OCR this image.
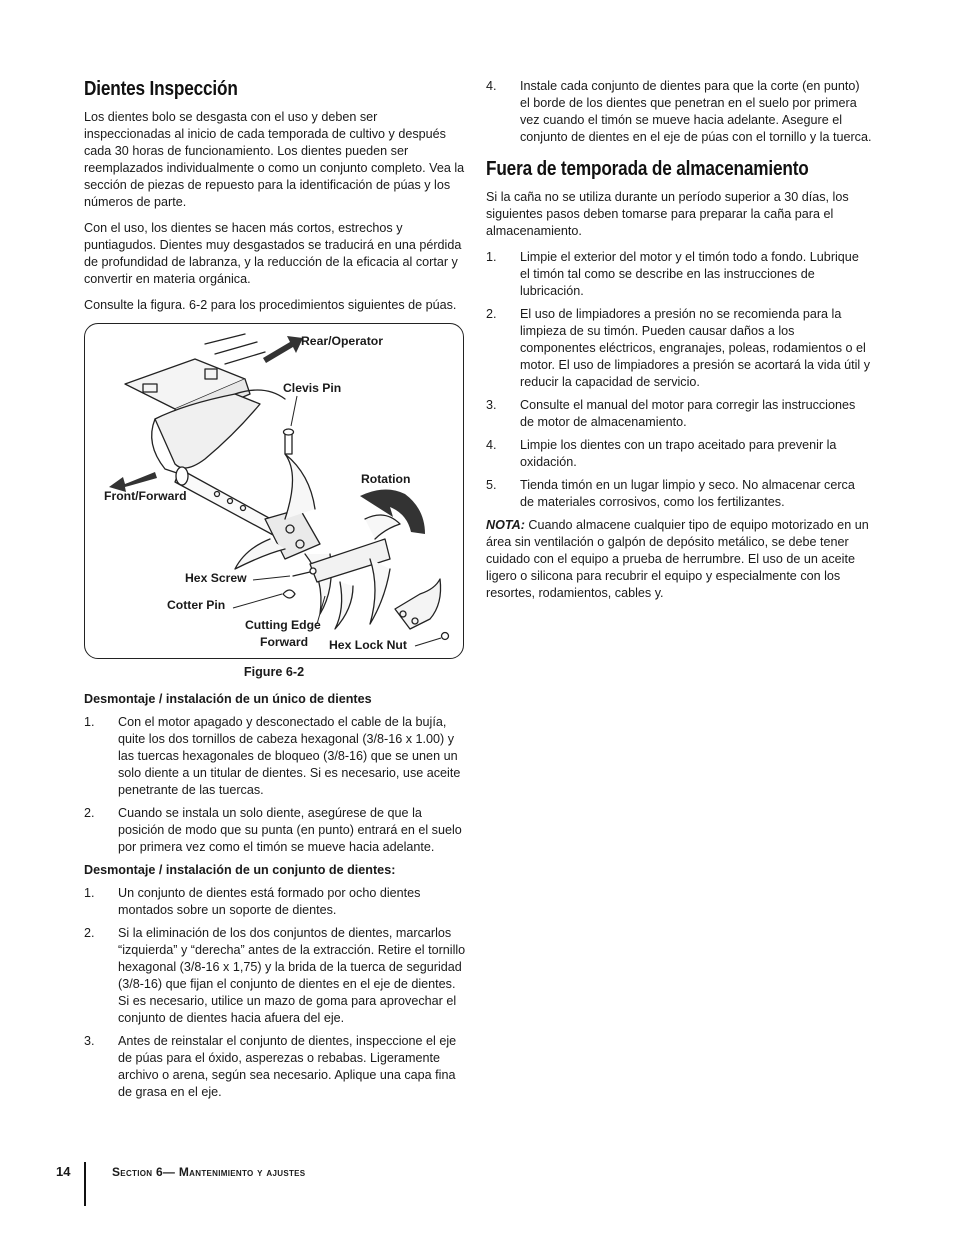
Dientes Inspección

Los dientes bolo se desgasta con el uso y deben ser inspeccionadas al inicio de cada temporada de cultivo y después cada 30 horas de funcionamiento. Los dientes pueden ser reemplazados individualmente o como un conjunto completo. Vea la sección de piezas de repuesto para la identificación de púas y los números de parte.

Con el uso, los dientes se hacen más cortos, estrechos y puntiagudos. Dientes muy desgastados se traducirá en una pérdida de profundidad de labranza, y la reducción de la eficacia al cortar y convertir en materia orgánica.

Consulte la figura. 6-2 para los procedimientos siguientes de púas.

Rear/Operator
Clevis Pin
Rotation
Front/Forward
Hex Screw
Cotter Pin
Cutting Edge
Forward Hex Lock Nut
Figure 6-2
Desmontaje / instalación de un único de dientes
1. Con el motor apagado y desconectado el cable de la bujía, quite los dos tornillos de cabeza hexagonal (3/8-16 x 1.00) y las tuercas hexagonales de bloqueo (3/8-16) que se unen un solo diente a un titular de dientes. Si es necesario, use aceite penetrante de las tuercas.
2. Cuando se instala un solo diente, asegúrese de que la posición de modo que su punta (en punto) entrará en el suelo por primera vez como el timón se mueve hacia adelante.
Desmontaje / instalación de un conjunto de dientes:
1. Un conjunto de dientes está formado por ocho dientes montados sobre un soporte de dientes.
2. Si la eliminación de los dos conjuntos de dientes, marcarlos “izquierda” y “derecha” antes de la extracción. Retire el tornillo hexagonal (3/8-16 x 1,75) y la brida de la tuerca de seguridad (3/8-16) que fijan el conjunto de dientes en el eje de dientes. Si es necesario, utilice un mazo de goma para aprovechar el conjunto de dientes hacia afuera del eje.
3. Antes de reinstalar el conjunto de dientes, inspeccione el eje de púas para el óxido, asperezas o rebabas. Ligeramente archivo o arena, según sea necesario. Aplique una capa fina de grasa en el eje.
4. Instale cada conjunto de dientes para que la corte (en punto) el borde de los dientes que penetran en el suelo por primera vez cuando el timón se mueve hacia adelante. Asegure el conjunto de dientes en el eje de púas con el tornillo y la tuerca.
Fuera de temporada de almacenamiento

Si la caña no se utiliza durante un período superior a 30 días, los siguientes pasos deben tomarse para preparar la caña para el almacenamiento.

1. Limpie el exterior del motor y el timón todo a fondo. Lubrique el timón tal como se describe en las instrucciones de lubricación.
2. El uso de limpiadores a presión no se recomienda para la limpieza de su timón. Pueden causar daños a los componentes eléctricos, engranajes, poleas, rodamientos o el motor. El uso de limpiadores a presión se acortará la vida útil y reducir la capacidad de servicio.
3. Consulte el manual del motor para corregir las instrucciones de motor de almacenamiento.
4. Limpie los dientes con un trapo aceitado para prevenir la oxidación.
5. Tienda timón en un lugar limpio y seco. No almacenar cerca de materiales corrosivos, como los fertilizantes.

NOTA: Cuando almacene cualquier tipo de equipo motorizado en un área sin ventilación o galpón de depósito metálico, se debe tener cuidado con el equipo a prueba de herrumbre. El uso de un aceite ligero o silicona para recubrir el equipo y especialmente con los resortes, rodamientos, cables y.

14	Section 6— Mantenimiento y ajustes
